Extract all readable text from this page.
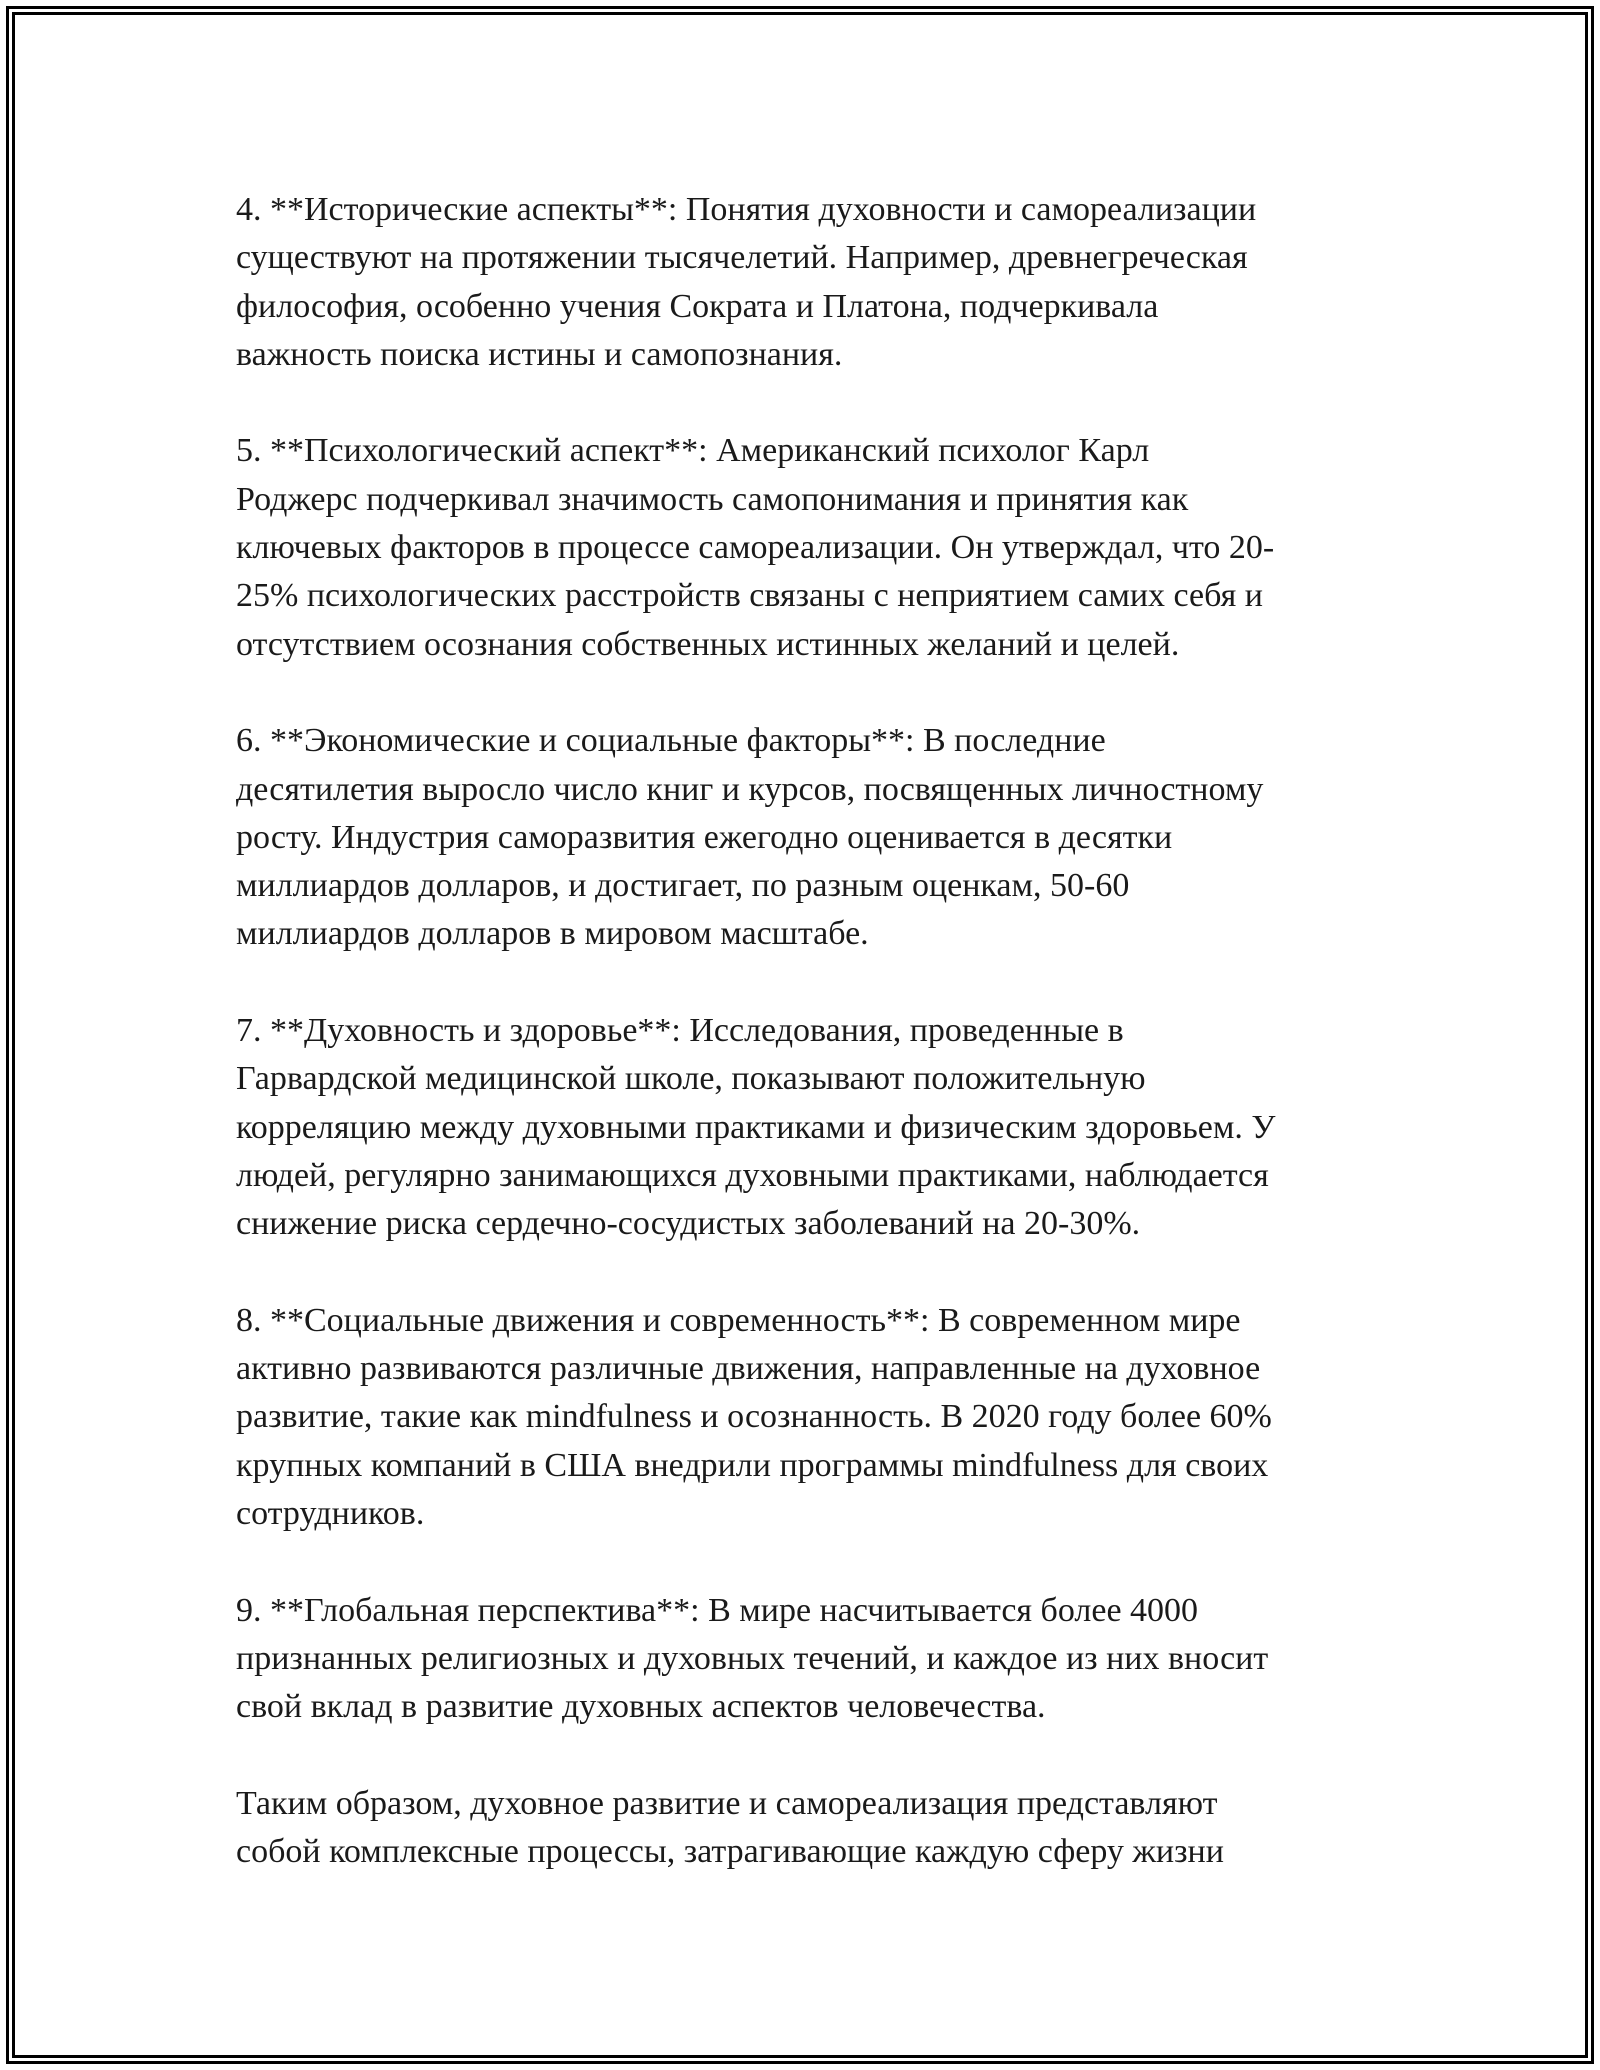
4. **Исторические аспекты**: Понятия духовности и самореализации
существуют на протяжении тысячелетий. Например, древнегреческая
философия, особенно учения Сократа и Платона, подчеркивала
важность поиска истины и самопознания.

5. **Психологический аспект**: Американский психолог Карл
Роджерс подчеркивал значимость самопонимания и принятия как
ключевых факторов в процессе самореализации. Он утверждал, что 20-
25% психологических расстройств связаны с неприятием самих себя и
отсутствием осознания собственных истинных желаний и целей.

6. **Экономические и социальные факторы**: В последние
десятилетия выросло число книг и курсов, посвященных личностному
росту. Индустрия саморазвития ежегодно оценивается в десятки
миллиардов долларов, и достигает, по разным оценкам, 50-60
миллиардов долларов в мировом масштабе.

7. **Духовность и здоровье**: Исследования, проведенные в
Гарвардской медицинской школе, показывают положительную
корреляцию между духовными практиками и физическим здоровьем. У
людей, регулярно занимающихся духовными практиками, наблюдается
снижение риска сердечно-сосудистых заболеваний на 20-30%.

8. **Социальные движения и современность**: В современном мире
активно развиваются различные движения, направленные на духовное
развитие, такие как mindfulness и осознанность. В 2020 году более 60%
крупных компаний в США внедрили программы mindfulness для своих
сотрудников.

9. **Глобальная перспектива**: В мире насчитывается более 4000
признанных религиозных и духовных течений, и каждое из них вносит
свой вклад в развитие духовных аспектов человечества.

Таким образом, духовное развитие и самореализация представляют
собой комплексные процессы, затрагивающие каждую сферу жизни
